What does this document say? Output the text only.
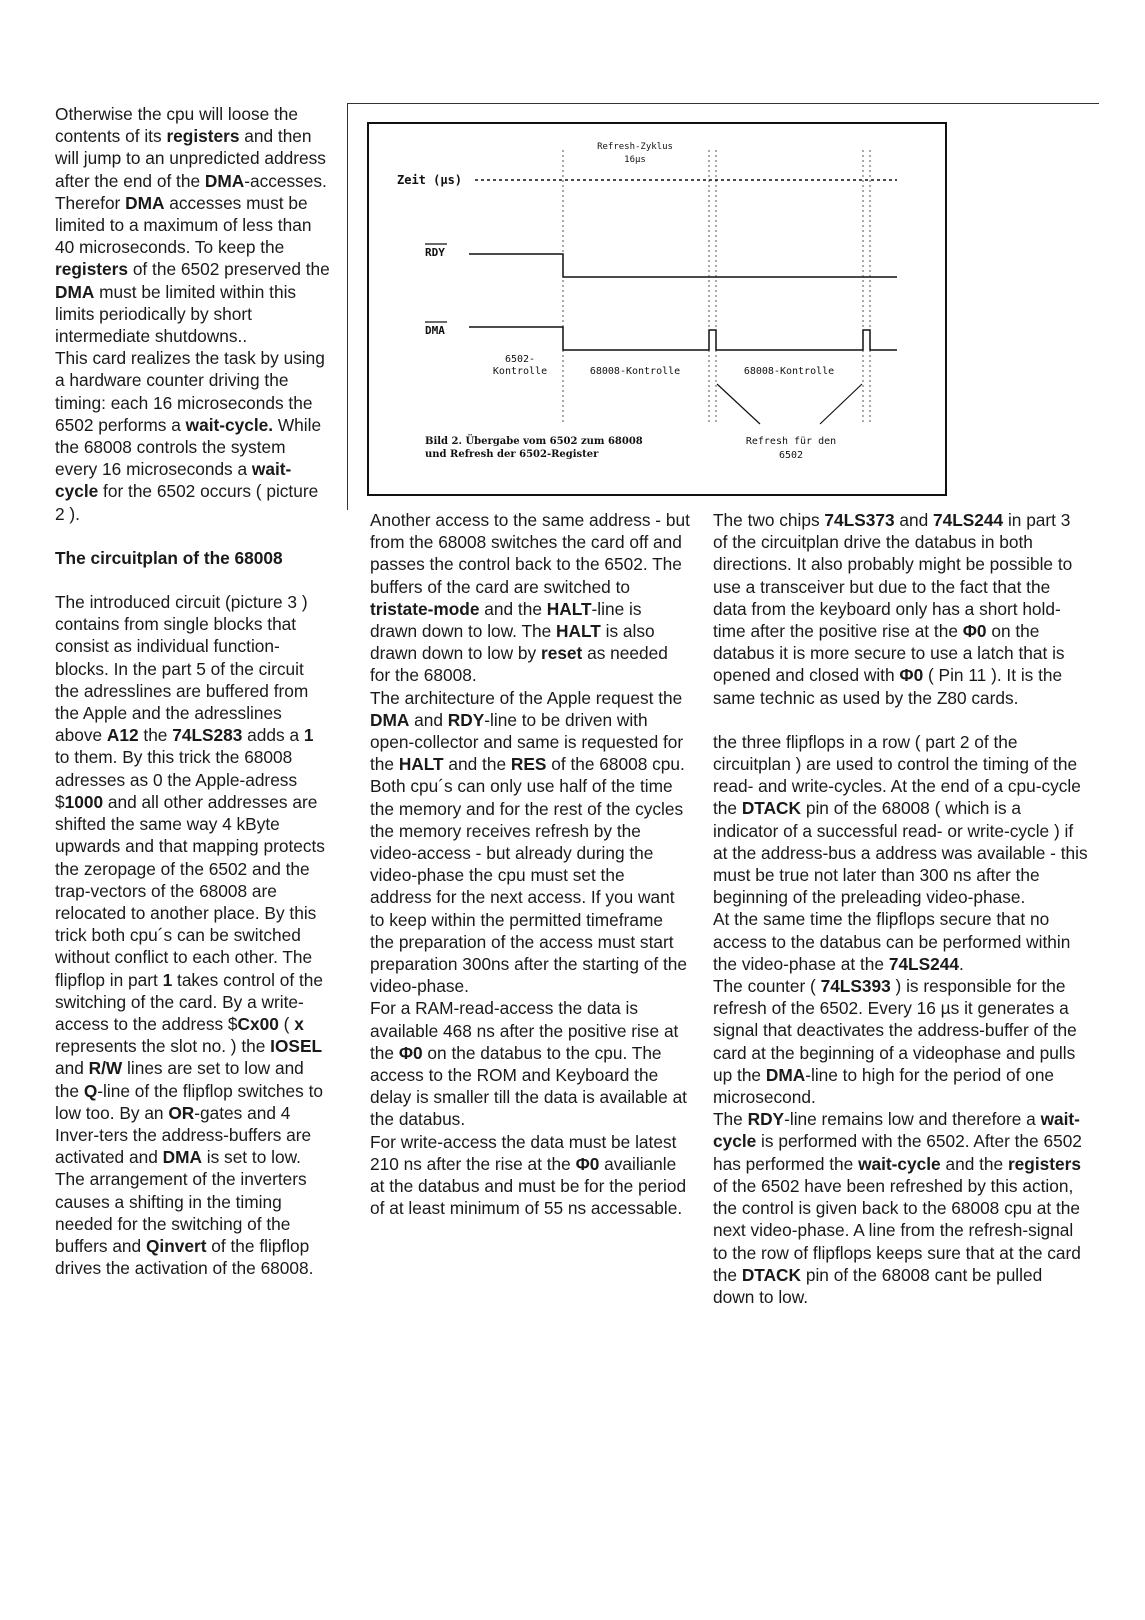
Refresh-Zyklus
16µs
Zeit (µs)
RDY
DMA
6502-
Kontrolle	68008-Kontrolle	68008-Kontrolle
Bild 2. Übergabe vom 6502 zum 68008
und Refresh der 6502-Register
Refresh für den
6502

Otherwise the cpu will loose the contents of its registers and then will jump to an unpredicted address after the end of the DMA-accesses. Therefor DMA accesses must be limited to a maximum of less than 40 microseconds. To keep the registers of the 6502 preserved the DMA must be limited within this limits periodically by short intermediate shutdowns..

This card realizes the task by using a hardware counter driving the timing: each 16 microseconds the 6502 performs a wait-cycle. While the 68008 controls the system every 16 microseconds a wait-cycle for the 6502 occurs ( picture 2 ).

The circuitplan of the 68008

The introduced circuit (picture 3 ) contains from single blocks that consist as individual function-blocks. In the part 5 of the circuit the adresslines are buffered from the Apple and the adresslines above A12 the 74LS283 adds a 1 to them. By this trick the 68008 adresses as 0 the Apple-adress $1000 and all other addresses are shifted the same way 4 kByte upwards and that mapping protects the zeropage of the 6502 and the trap-vectors of the 68008 are relocated to another place. By this trick both cpu´s can be switched without conflict to each other. The flipflop in part 1 takes control of the switching of the card. By a write-access to the address $Cx00 ( x represents the slot no. ) the IOSEL and R/W lines are set to low and the Q-line of the flipflop switches to low too. By an OR-gates and 4 Inver-ters the address-buffers are activated and DMA is set to low.

The arrangement of the inverters causes a shifting in the timing needed for the switching of the buffers and Qinvert of the flipflop drives the activation of the 68008.

Another access to the same address - but from the 68008 switches the card off and passes the control back to the 6502. The buffers of the card are switched to tristate-mode and the HALT-line is drawn down to low. The HALT is also drawn down to low by reset as needed for the 68008.

The architecture of the Apple request the DMA and RDY-line to be driven with open-collector and same is requested for the HALT and the RES of the 68008 cpu.

Both cpu´s can only use half of the time the memory and for the rest of the cycles the memory receives refresh by the video-access - but already during the video-phase the cpu must set the address for the next access. If you want to keep within the permitted timeframe the preparation of the access must start preparation 300ns after the starting of the video-phase.

For a RAM-read-access the data is available 468 ns after the positive rise at the Φ0 on the databus to the cpu. The access to the ROM and Keyboard the delay is smaller till the data is available at the databus.

For write-access the data must be latest 210 ns after the rise at the Φ0 availianle at the databus and must be for the period of at least minimum of 55 ns accessable.

The two chips 74LS373 and 74LS244 in part 3 of the circuitplan drive the databus in both directions. It also probably might be possible to use a transceiver but due to the fact that the data from the keyboard only has a short hold-time after the positive rise at the Φ0 on the databus it is more secure to use a latch that is opened and closed with Φ0 ( Pin 11 ). It is the same technic as used by the Z80 cards.

the three flipflops in a row ( part 2 of the circuitplan ) are used to control the timing of the read- and write-cycles. At the end of a cpu-cycle the DTACK pin of the 68008 ( which is a indicator of a successful read- or write-cycle ) if at the address-bus a address was available - this must be true not later than 300 ns after the beginning of the preleading video-phase.

At the same time the flipflops secure that no access to the databus can be performed within the video-phase at the 74LS244.

The counter ( 74LS393 ) is responsible for the refresh of the 6502. Every 16 µs it generates a signal that deactivates the address-buffer of the card at the beginning of a videophase and pulls up the DMA-line to high for the period of one microsecond.

The RDY-line remains low and therefore a wait-cycle is performed with the 6502. After the 6502 has performed the wait-cycle and the registers of the 6502 have been refreshed by this action, the control is given back to the 68008 cpu at the next video-phase. A line from the refresh-signal to the row of flipflops keeps sure that at the card the DTACK pin of the 68008 cant be pulled down to low.
